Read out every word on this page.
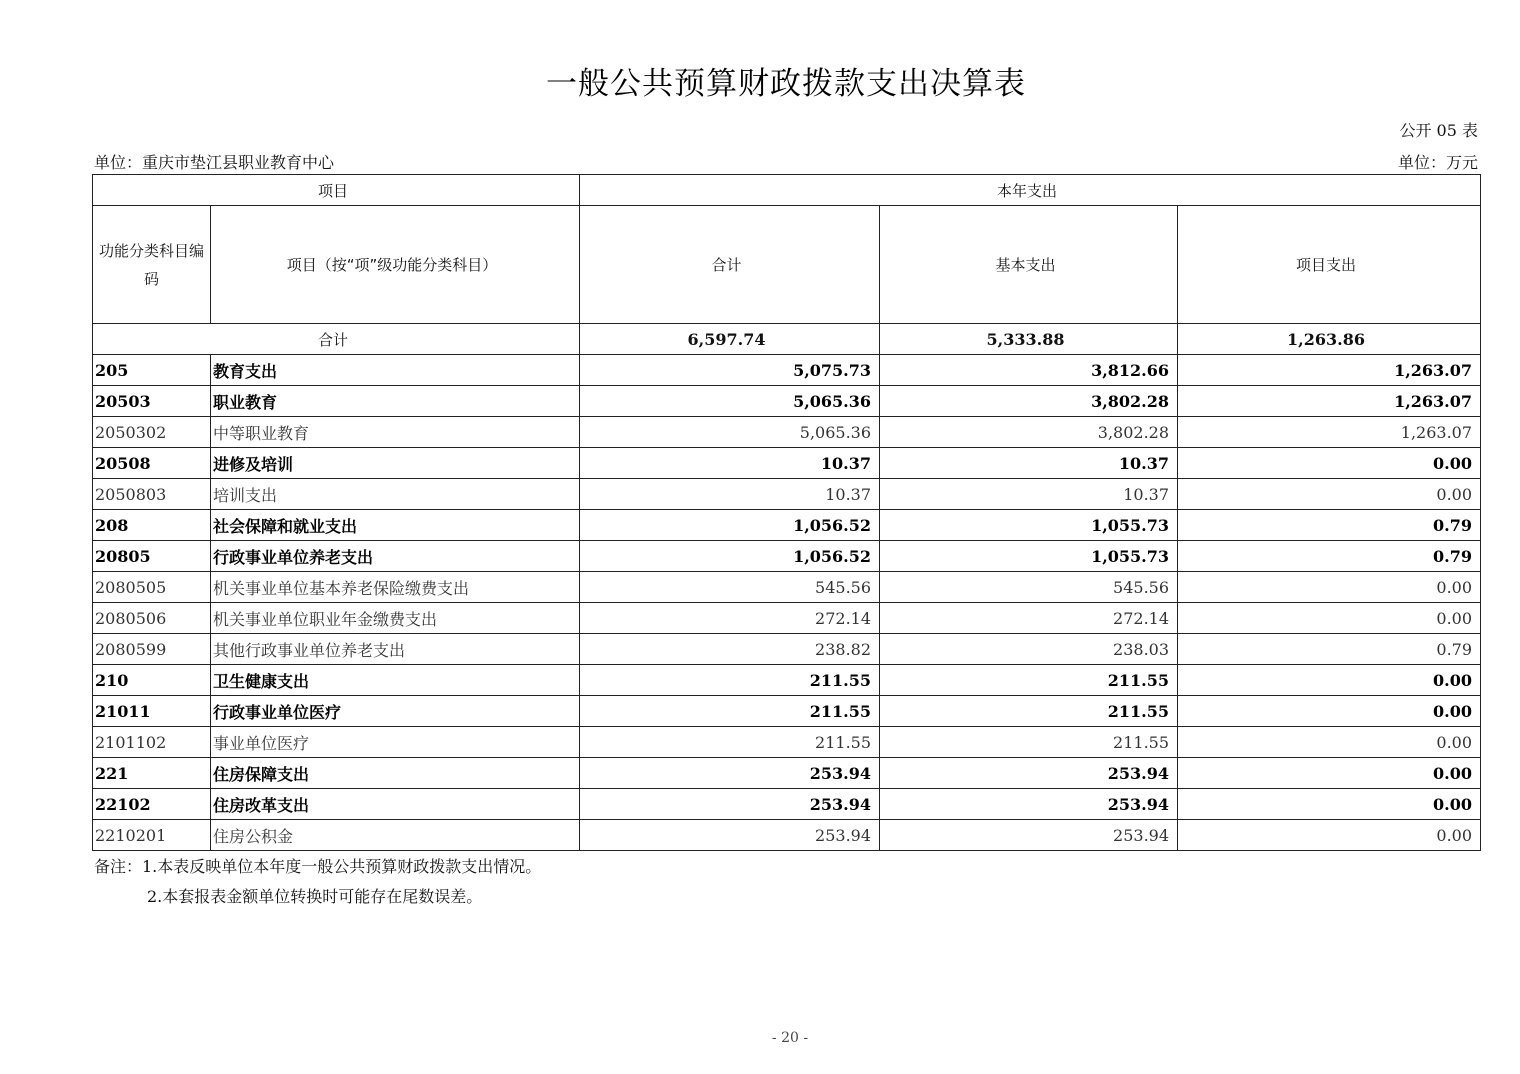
一般公共预算财政拨款支出决算表
公开 05 表
单位：重庆市垫江县职业教育中心	单位：万元
项目		本年支出		
功能分类科目编码	项目（按“项”级功能分类科目）	合计	基本支出	项目支出
合计		6,597.74	5,333.88	1,263.86
205	教育支出	5,075.73	3,812.66	1,263.07
20503	职业教育	5,065.36	3,802.28	1,263.07
2050302	中等职业教育	5,065.36	3,802.28	1,263.07
20508	进修及培训	10.37	10.37	0.00
2050803	培训支出	10.37	10.37	0.00
208	社会保障和就业支出	1,056.52	1,055.73	0.79
20805	行政事业单位养老支出	1,056.52	1,055.73	0.79
2080505	机关事业单位基本养老保险缴费支出	545.56	545.56	0.00
2080506	机关事业单位职业年金缴费支出	272.14	272.14	0.00
2080599	其他行政事业单位养老支出	238.82	238.03	0.79
210	卫生健康支出	211.55	211.55	0.00
21011	行政事业单位医疗	211.55	211.55	0.00
2101102	事业单位医疗	211.55	211.55	0.00
221	住房保障支出	253.94	253.94	0.00
22102	住房改革支出	253.94	253.94	0.00
2210201	住房公积金	253.94	253.94	0.00
备注：1.本表反映单位本年度一般公共预算财政拨款支出情况。
2.本套报表金额单位转换时可能存在尾数误差。
- 20 -
